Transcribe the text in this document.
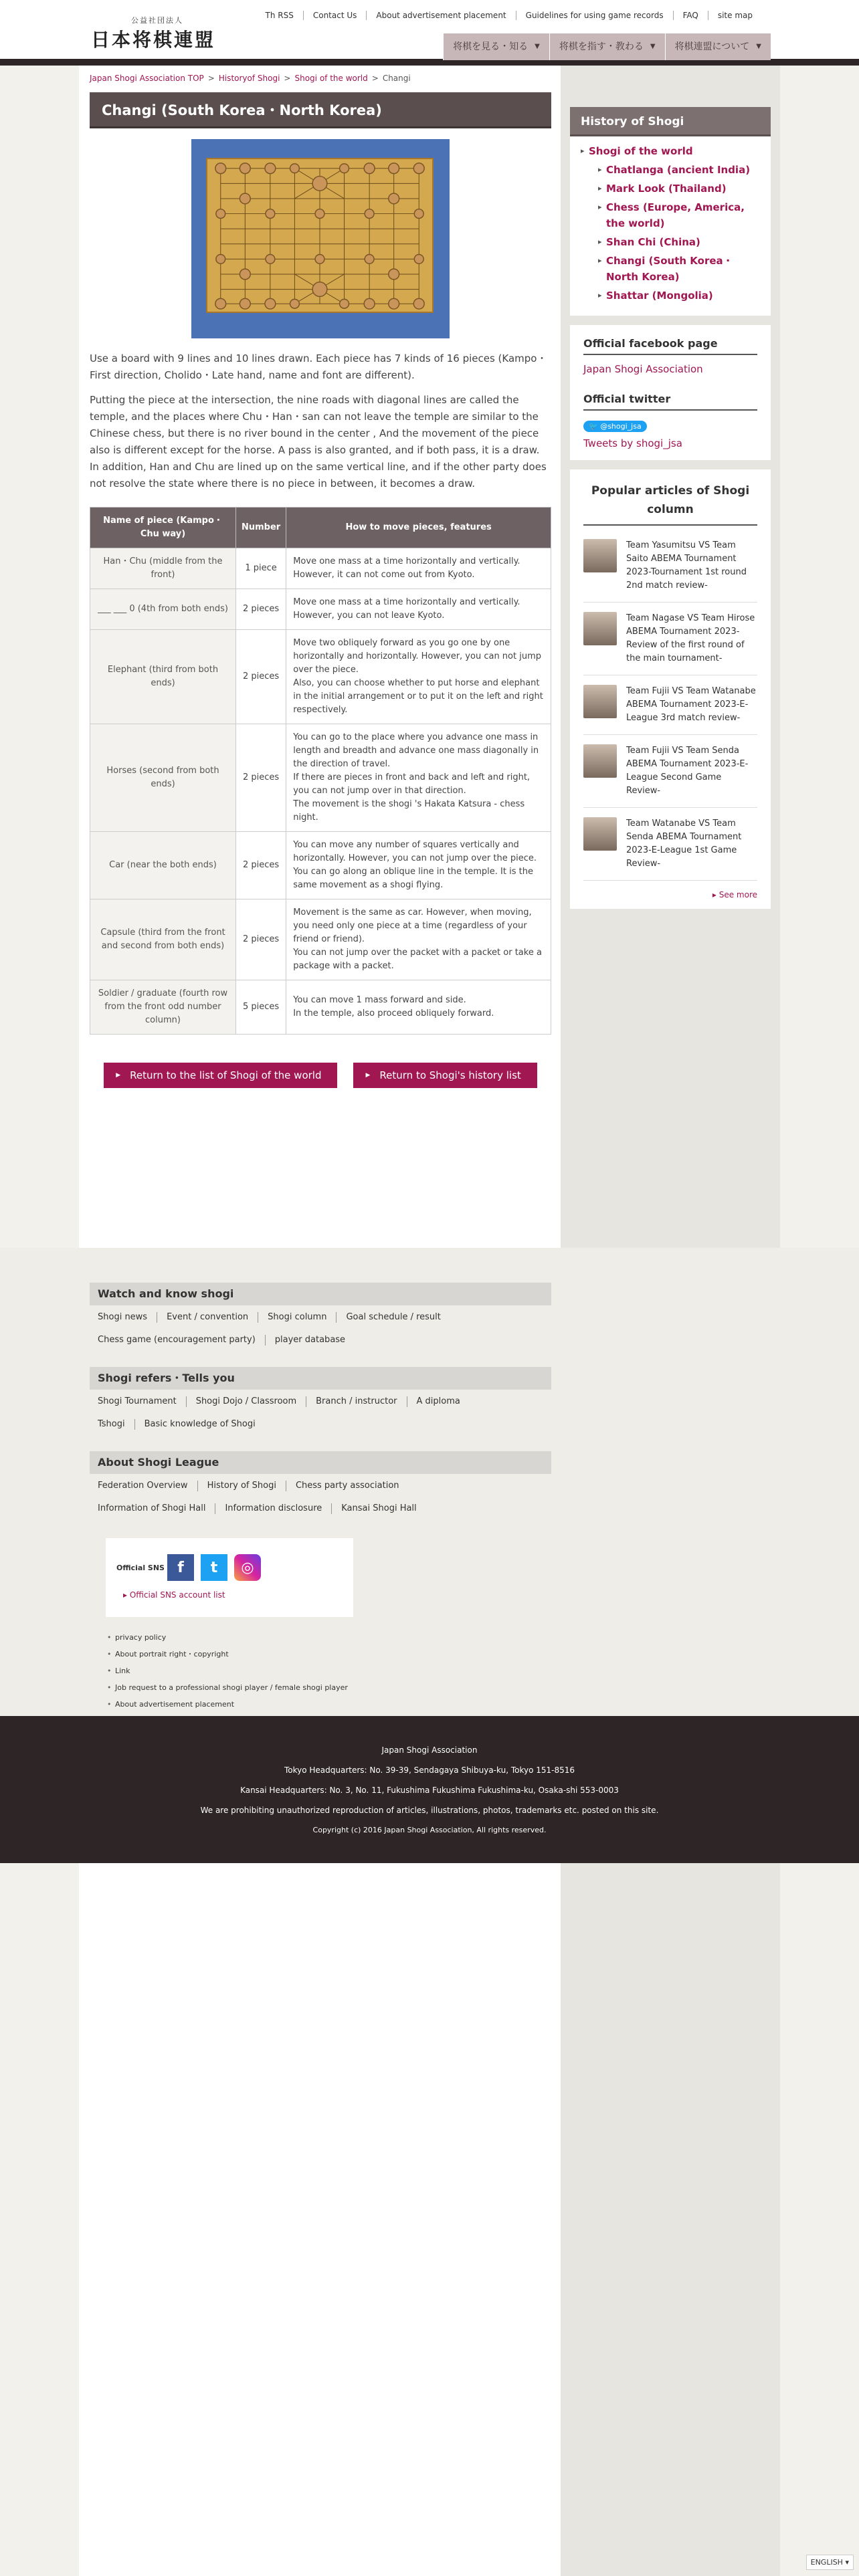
公益社団法人
日本将棋連盟
Th RSS	Contact Us	About advertisement placement	Guidelines for using game records	FAQ	site map
将棋を見る・知る ▼ 将棋を指す・教わる ▼ 将棋連盟について ▼
Japan Shogi Association TOP > Historyof Shogi > Shogi of the world > Changi
Changi (South Korea・North Korea)

Use a board with 9 lines and 10 lines drawn. Each piece has 7 kinds of 16 pieces (Kampo・First direction, Cholido・Late hand, name and font are different).

Putting the piece at the intersection, the nine roads with diagonal lines are called the temple, and the places where Chu・Han・san can not leave the temple are similar to the Chinese chess, but there is no river bound in the center , And the movement of the piece also is different except for the horse. A pass is also granted, and if both pass, it is a draw. In addition, Han and Chu are lined up on the same vertical line, and if the other party does not resolve the state where there is no piece in between, it becomes a draw.

Name of piece (Kampo・Chu way)	Number	How to move pieces, features
Han・Chu (middle from the front)	1 piece	Move one mass at a time horizontally and vertically.
However, it can not come out from Kyoto.

___ ___ 0 (4th from both ends)	2 pieces	Move one mass at a time horizontally and vertically.
However, you can not leave Kyoto.

Elephant (third from both ends)	2 pieces	Move two obliquely forward as you go one by one horizontally and horizontally. However, you can not jump over the piece.
Also, you can choose whether to put horse and elephant in the initial arrangement or to put it on the left and right respectively.

Horses (second from both ends)	2 pieces	You can go to the place where you advance one mass in length and breadth and advance one mass diagonally in the direction of travel.
If there are pieces in front and back and left and right, you can not jump over in that direction.
The movement is the shogi 's Hakata Katsura - chess night.

Car (near the both ends)	2 pieces	You can move any number of squares vertically and horizontally. However, you can not jump over the piece.
You can go along an oblique line in the temple. It is the same movement as a shogi flying.

Capsule (third from the front and second from both ends)	2 pieces	Movement is the same as car. However, when moving, you need only one piece at a time (regardless of your friend or friend).
You can not jump over the packet with a packet or take a package with a packet.

Soldier / graduate (fourth row from the front odd number column)	5 pieces	You can move 1 mass forward and side.
In the temple, also proceed obliquely forward.
▶ Return to the list of Shogi of the world	▶ Return to Shogi's history list
History of Shogi
▸ Shogi of the world
▸ Chatlanga (ancient India)
▸ Mark Look (Thailand)
▸ Chess (Europe, America, the world)
▸ Shan Chi (China)
▸ Changi (South Korea・North Korea)
▸ Shattar (Mongolia)
Official facebook page
Japan Shogi Association
Official twitter
🐦 @shogi_jsa
Tweets by shogi_jsa
Popular articles of Shogi column
Team Yasumitsu VS Team Saito ABEMA Tournament 2023-Tournament 1st round 2nd match review-
Team Nagase VS Team Hirose ABEMA Tournament 2023-Review of the first round of the main tournament-
Team Fujii VS Team Watanabe ABEMA Tournament 2023-E-League 3rd match review-
Team Fujii VS Team Senda ABEMA Tournament 2023-E-League Second Game Review-
Team Watanabe VS Team Senda ABEMA Tournament 2023-E-League 1st Game Review-
▸ See more
Watch and know shogi
Shogi news	Event / convention	Shogi column	Goal schedule / result
Chess game (encouragement party)	player database
Shogi refers・Tells you
Shogi Tournament	Shogi Dojo / Classroom	Branch / instructor	A diploma
Tshogi	Basic knowledge of Shogi
About Shogi League
Federation Overview	History of Shogi	Chess party association
Information of Shogi Hall	Information disclosure	Kansai Shogi Hall
Official SNS f	t	◎
▸ Official SNS account list
• privacy policy
• About portrait right・copyright
• Link
• Job request to a professional shogi player / female shogi player
• About advertisement placement
•
Japan Shogi Association
Tokyo Headquarters: No. 39-39, Sendagaya Shibuya-ku, Tokyo 151-8516
Kansai Headquarters: No. 3, No. 11, Fukushima Fukushima Fukushima-ku, Osaka-shi 553-0003
We are prohibiting unauthorized reproduction of articles, illustrations, photos, trademarks etc. posted on this site.
Copyright (c) 2016 Japan Shogi Association, All rights reserved.
ENGLISH ▾
